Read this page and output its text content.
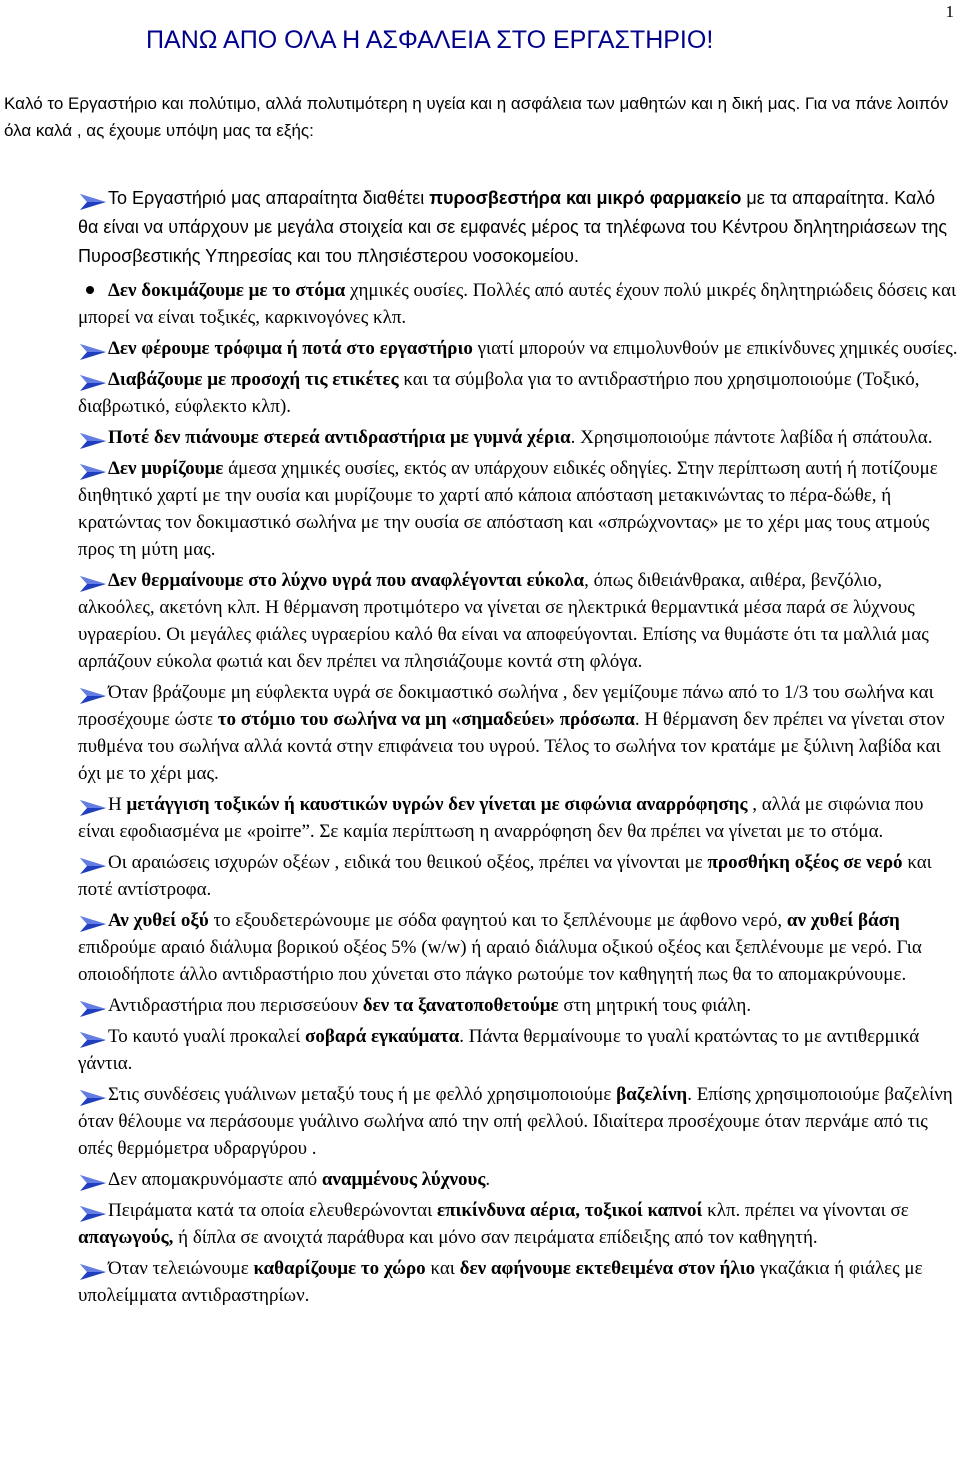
1
ΠΑΝΩ ΑΠΟ ΟΛΑ Η ΑΣΦΑΛΕΙΑ ΣΤΟ ΕΡΓΑΣΤΗΡΙΟ!

Καλό το Εργαστήριο και πολύτιμο, αλλά πολυτιμότερη η υγεία και η ασφάλεια των μαθητών και η δική μας. Για να πάνε λοιπόν όλα καλά , ας έχουμε υπόψη μας τα εξής:

Το Εργαστήριό μας απαραίτητα διαθέτει πυροσβεστήρα και μικρό φαρμακείο με τα απαραίτητα. Καλό θα είναι να υπάρχουν με μεγάλα στοιχεία και σε εμφανές μέρος τα τηλέφωνα του Κέντρου δηλητηριάσεων της Πυροσβεστικής Υπηρεσίας και του πλησιέστερου νοσοκομείου.

Δεν δοκιμάζουμε με το στόμα χημικές ουσίες. Πολλές από αυτές έχουν πολύ μικρές δηλητηριώδεις δόσεις και μπορεί να είναι τοξικές, καρκινογόνες κλπ.

Δεν φέρουμε τρόφιμα ή ποτά στο εργαστήριο γιατί μπορούν να επιμολυνθούν με επικίνδυνες χημικές ουσίες.

Διαβάζουμε με προσοχή τις ετικέτες και τα σύμβολα για το αντιδραστήριο που χρησιμοποιούμε (Τοξικό, διαβρωτικό, εύφλεκτο κλπ).

Ποτέ δεν πιάνουμε στερεά αντιδραστήρια με γυμνά χέρια. Χρησιμοποιούμε πάντοτε λαβίδα ή σπάτουλα.

Δεν μυρίζουμε άμεσα χημικές ουσίες, εκτός αν υπάρχουν ειδικές οδηγίες. Στην περίπτωση αυτή ή ποτίζουμε διηθητικό χαρτί με την ουσία και μυρίζουμε το χαρτί από κάποια απόσταση μετακινώντας το πέρα-δώθε, ή κρατώντας τον δοκιμαστικό σωλήνα με την ουσία σε απόσταση και «σπρώχνοντας» με το χέρι μας τους ατμούς προς τη μύτη μας.

Δεν θερμαίνουμε στο λύχνο υγρά που αναφλέγονται εύκολα, όπως διθειάνθρακα, αιθέρα, βενζόλιο, αλκοόλες, ακετόνη κλπ. Η θέρμανση προτιμότερο να γίνεται σε ηλεκτρικά θερμαντικά μέσα παρά σε λύχνους υγραερίου. Οι μεγάλες φιάλες υγραερίου καλό θα είναι να αποφεύγονται. Επίσης να θυμάστε ότι τα μαλλιά μας αρπάζουν εύκολα φωτιά και δεν πρέπει να πλησιάζουμε κοντά στη φλόγα.

Όταν βράζουμε μη εύφλεκτα υγρά σε δοκιμαστικό σωλήνα , δεν γεμίζουμε πάνω από το 1/3 του σωλήνα και προσέχουμε ώστε το στόμιο του σωλήνα να μη «σημαδεύει» πρόσωπα. Η θέρμανση δεν πρέπει να γίνεται στον πυθμένα του σωλήνα αλλά κοντά στην επιφάνεια του υγρού. Τέλος το σωλήνα τον κρατάμε με ξύλινη λαβίδα και όχι με το χέρι μας.

Η μετάγγιση τοξικών ή καυστικών υγρών δεν γίνεται με σιφώνια αναρρόφησης , αλλά με σιφώνια που είναι εφοδιασμένα με «poirre”. Σε καμία περίπτωση η αναρρόφηση δεν θα πρέπει να γίνεται με το στόμα.

Οι αραιώσεις ισχυρών οξέων , ειδικά του θειικού οξέος, πρέπει να γίνονται με προσθήκη οξέος σε νερό και ποτέ αντίστροφα.

Αν χυθεί οξύ το εξουδετερώνουμε με σόδα φαγητού και το ξεπλένουμε με άφθονο νερό, αν χυθεί βάση επιδρούμε αραιό διάλυμα βορικού οξέος 5% (w/w) ή αραιό διάλυμα οξικού οξέος και ξεπλένουμε με νερό. Για οποιοδήποτε άλλο αντιδραστήριο που χύνεται στο πάγκο ρωτούμε τον καθηγητή πως θα το απομακρύνουμε.

Αντιδραστήρια που περισσεύουν δεν τα ξανατοποθετούμε στη μητρική τους φιάλη.

Το καυτό γυαλί προκαλεί σοβαρά εγκαύματα. Πάντα θερμαίνουμε το γυαλί κρατώντας το με αντιθερμικά γάντια.

Στις συνδέσεις γυάλινων μεταξύ τους ή με φελλό χρησιμοποιούμε βαζελίνη. Επίσης χρησιμοποιούμε βαζελίνη όταν θέλουμε να περάσουμε γυάλινο σωλήνα από την οπή φελλού. Ιδιαίτερα προσέχουμε όταν περνάμε από τις οπές θερμόμετρα υδραργύρου .

Δεν απομακρυνόμαστε από αναμμένους λύχνους.

Πειράματα κατά τα οποία ελευθερώνονται επικίνδυνα αέρια, τοξικοί καπνοί κλπ. πρέπει να γίνονται σε απαγωγούς, ή δίπλα σε ανοιχτά παράθυρα και μόνο σαν πειράματα επίδειξης από τον καθηγητή.

Όταν τελειώνουμε καθαρίζουμε το χώρο και δεν αφήνουμε εκτεθειμένα στον ήλιο γκαζάκια ή φιάλες με υπολείμματα αντιδραστηρίων.
